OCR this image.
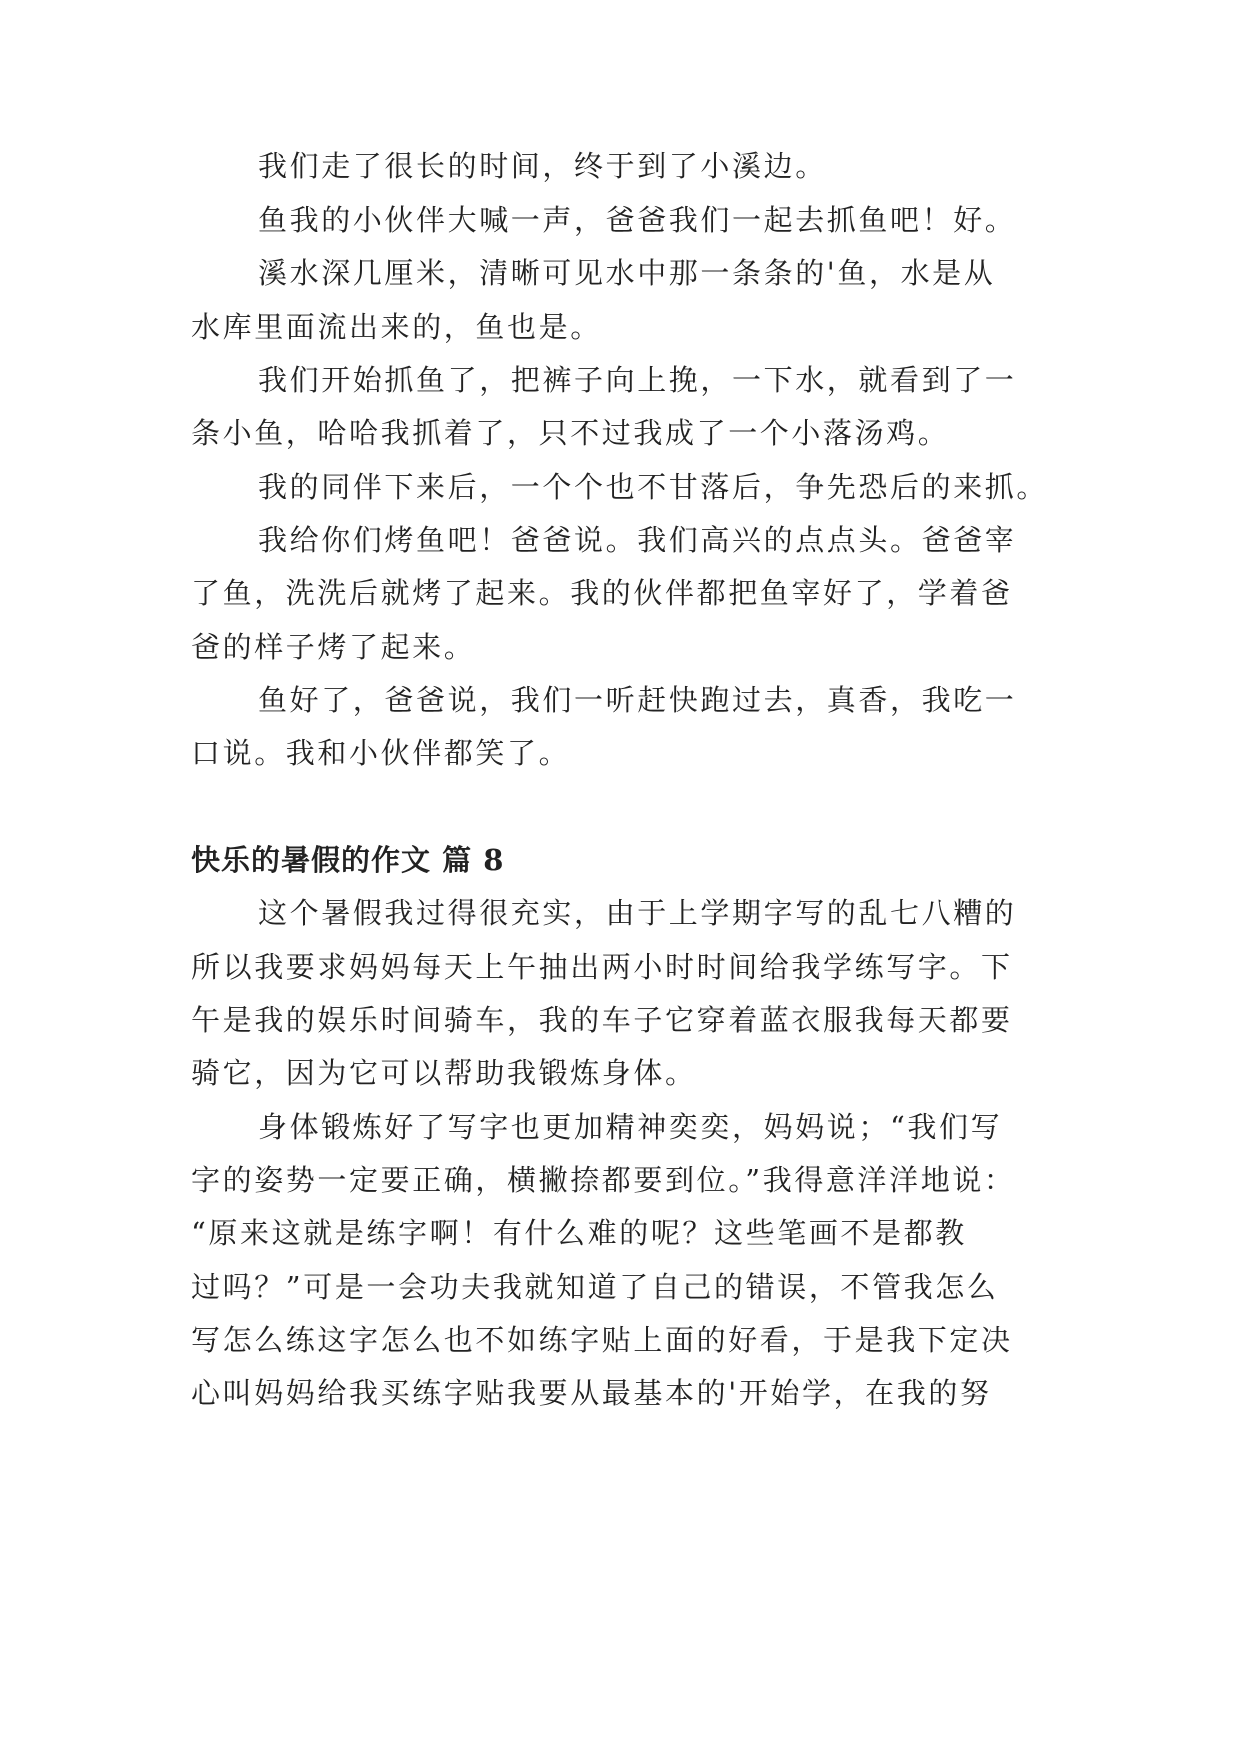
我们走了很长的时间，终于到了小溪边。

鱼我的小伙伴大喊一声，爸爸我们一起去抓鱼吧！好。

溪水深几厘米，清晰可见水中那一条条的'鱼，水是从

水库里面流出来的，鱼也是。

我们开始抓鱼了，把裤子向上挽，一下水，就看到了一

条小鱼，哈哈我抓着了，只不过我成了一个小落汤鸡。

我的同伴下来后，一个个也不甘落后，争先恐后的来抓。

我给你们烤鱼吧！爸爸说。我们高兴的点点头。爸爸宰

了鱼，洗洗后就烤了起来。我的伙伴都把鱼宰好了，学着爸

爸的样子烤了起来。

鱼好了，爸爸说，我们一听赶快跑过去，真香，我吃一

口说。我和小伙伴都笑了。

快乐的暑假的作文 篇 8

这个暑假我过得很充实，由于上学期字写的乱七八糟的

所以我要求妈妈每天上午抽出两小时时间给我学练写字。下

午是我的娱乐时间骑车，我的车子它穿着蓝衣服我每天都要

骑它，因为它可以帮助我锻炼身体。

身体锻炼好了写字也更加精神奕奕，妈妈说；“我们写

字的姿势一定要正确，横撇捺都要到位。”我得意洋洋地说：

“原来这就是练字啊！有什么难的呢？这些笔画不是都教

过吗？”可是一会功夫我就知道了自己的错误，不管我怎么

写怎么练这字怎么也不如练字贴上面的好看，于是我下定决

心叫妈妈给我买练字贴我要从最基本的'开始学，在我的努
